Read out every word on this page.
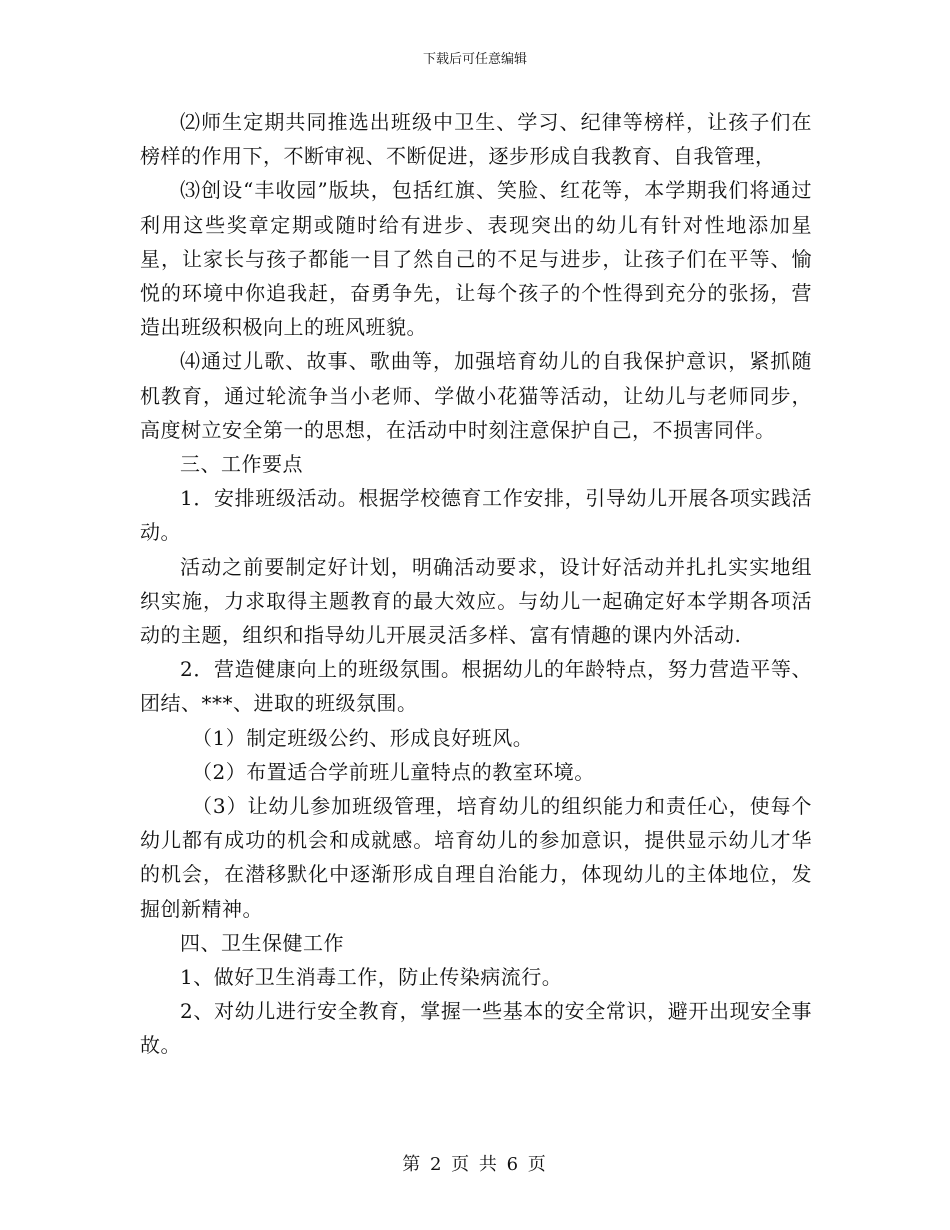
下载后可任意编辑

⑵师生定期共同推选出班级中卫生、学习、纪律等榜样，让孩子们在榜样的作用下，不断审视、不断促进，逐步形成自我教育、自我管理，

⑶创设“丰收园”版块，包括红旗、笑脸、红花等，本学期我们将通过利用这些奖章定期或随时给有进步、表现突出的幼儿有针对性地添加星星，让家长与孩子都能一目了然自己的不足与进步，让孩子们在平等、愉悦的环境中你追我赶，奋勇争先，让每个孩子的个性得到充分的张扬，营造出班级积极向上的班风班貌。

⑷通过儿歌、故事、歌曲等，加强培育幼儿的自我保护意识，紧抓随机教育，通过轮流争当小老师、学做小花猫等活动，让幼儿与老师同步，高度树立安全第一的思想，在活动中时刻注意保护自己，不损害同伴。

三、工作要点

1．安排班级活动。根据学校德育工作安排，引导幼儿开展各项实践活动。

活动之前要制定好计划，明确活动要求，设计好活动并扎扎实实地组织实施，力求取得主题教育的最大效应。与幼儿一起确定好本学期各项活动的主题，组织和指导幼儿开展灵活多样、富有情趣的课内外活动.

2．营造健康向上的班级氛围。根据幼儿的年龄特点，努力营造平等、团结、***、进取的班级氛围。

（1）制定班级公约、形成良好班风。

（2）布置适合学前班儿童特点的教室环境。

（3）让幼儿参加班级管理，培育幼儿的组织能力和责任心，使每个幼儿都有成功的机会和成就感。培育幼儿的参加意识，提供显示幼儿才华的机会，在潜移默化中逐渐形成自理自治能力，体现幼儿的主体地位，发掘创新精神。

四、卫生保健工作

1、做好卫生消毒工作，防止传染病流行。

2、对幼儿进行安全教育，掌握一些基本的安全常识，避开出现安全事故。

第 2 页 共 6 页
